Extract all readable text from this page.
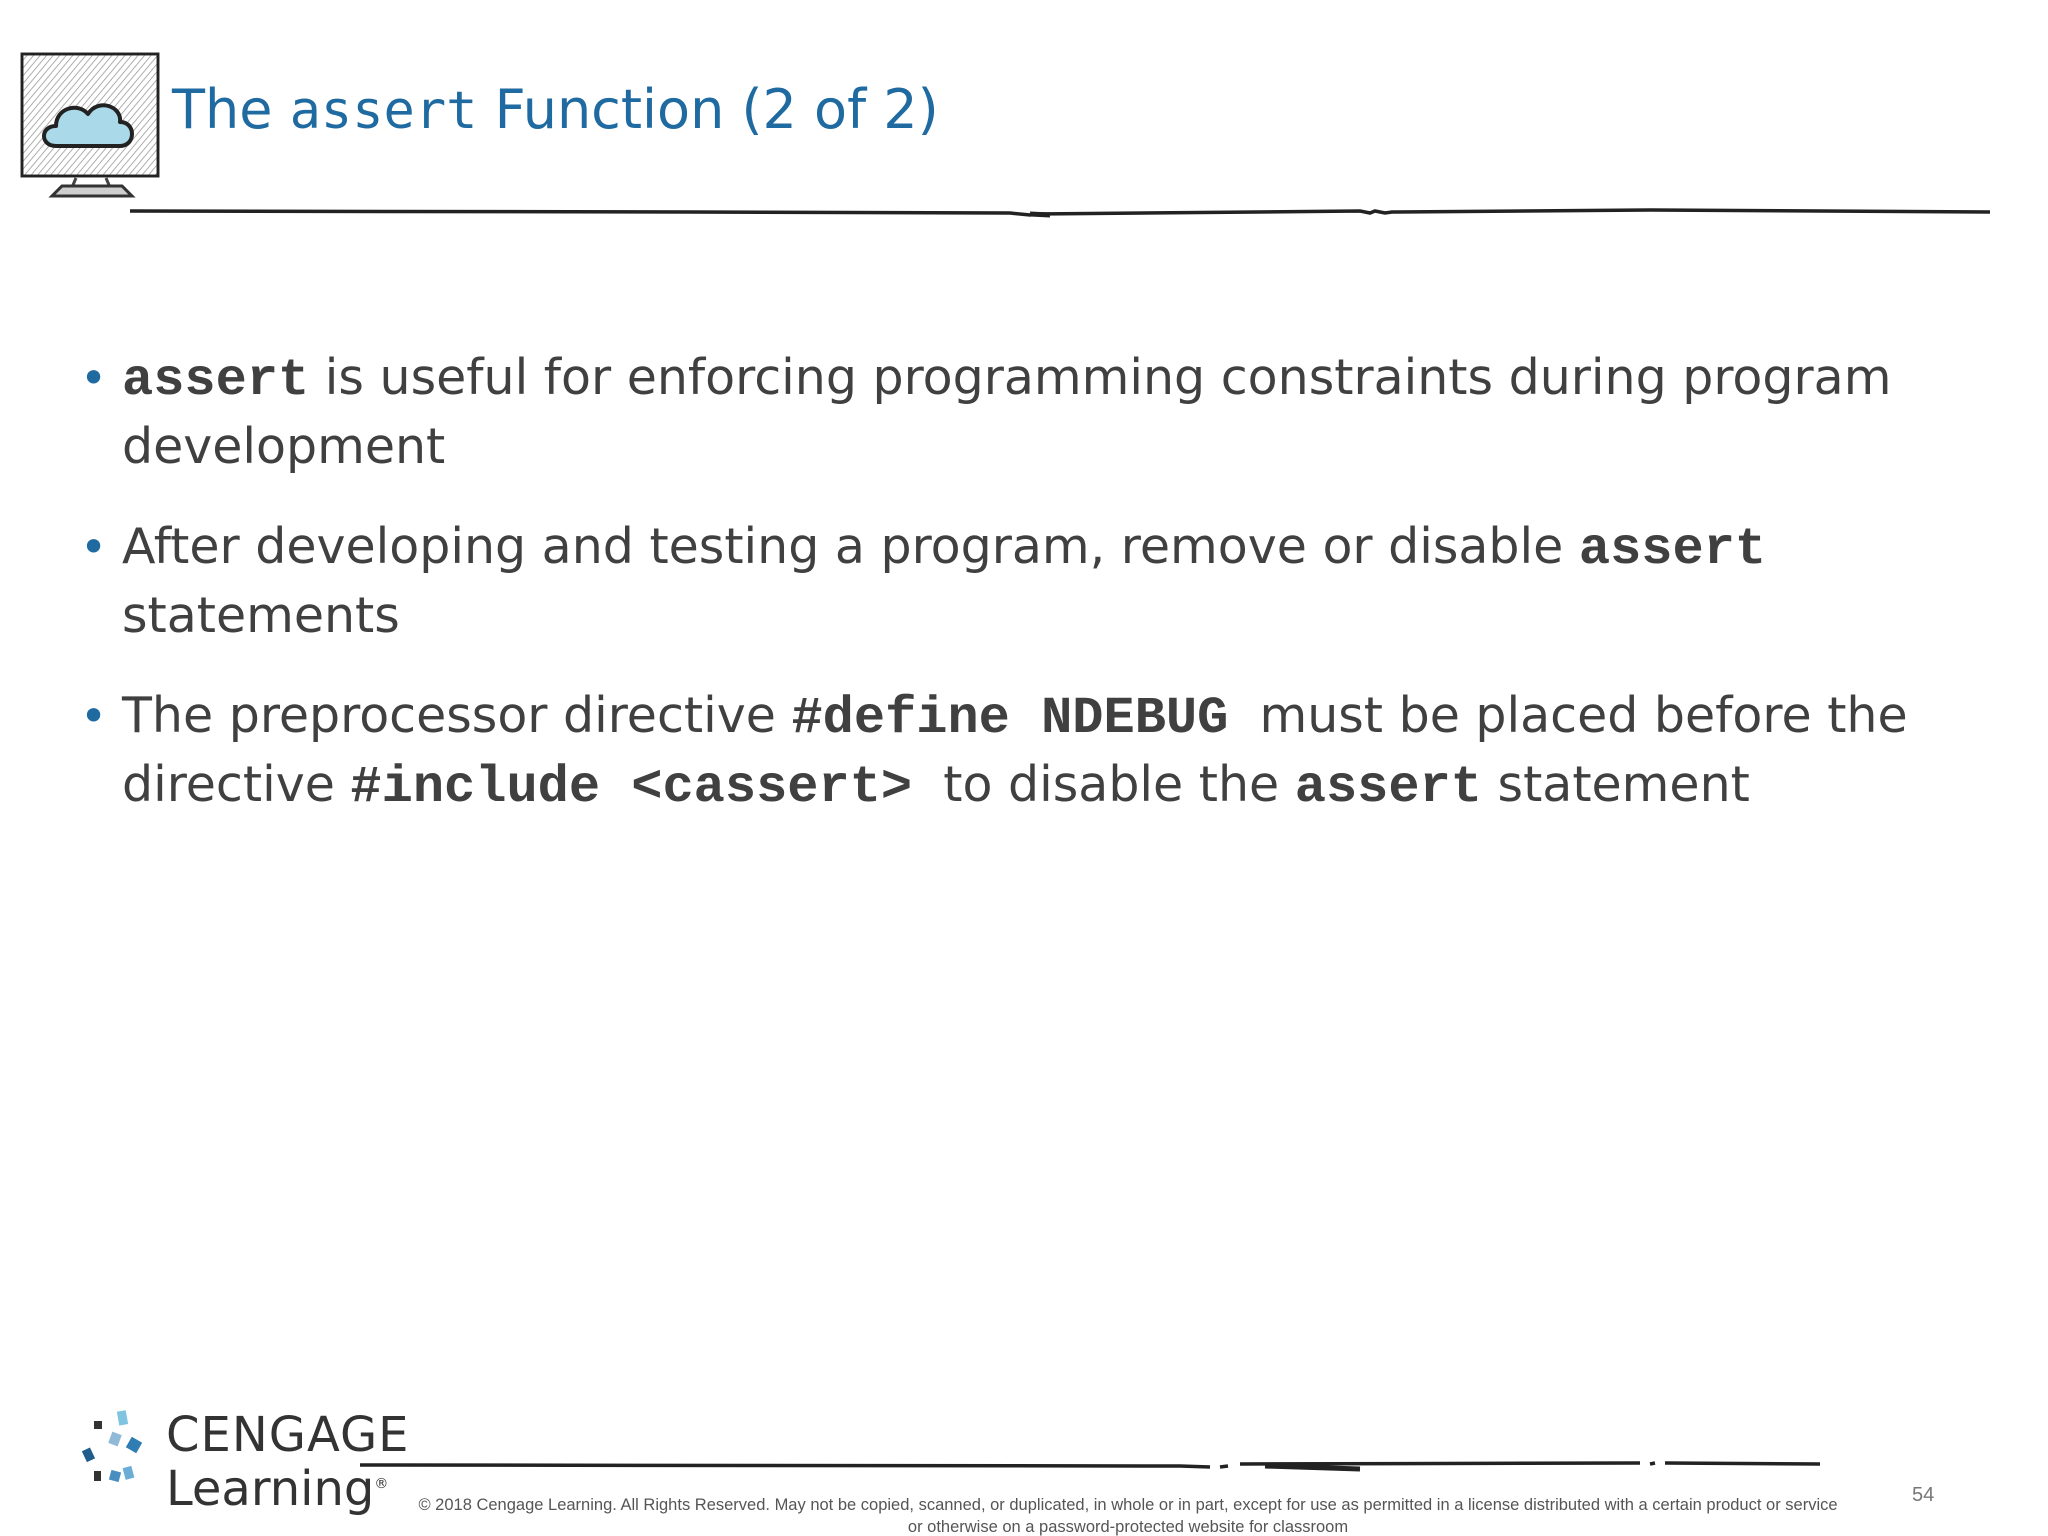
The assert Function (2 of 2)
• assert is useful for enforcing programming constraints during program development
• After developing and testing a program, remove or disable assert statements
• The preprocessor directive #define NDEBUG  must be placed before the directive #include <cassert>  to disable the assert statement
CENGAGE
Learning®
© 2018 Cengage Learning. All Rights Reserved. May not be copied, scanned, or duplicated, in whole or in part, except for use as permitted in a license distributed with a certain product or service
or otherwise on a password-protected website for classroom
54
